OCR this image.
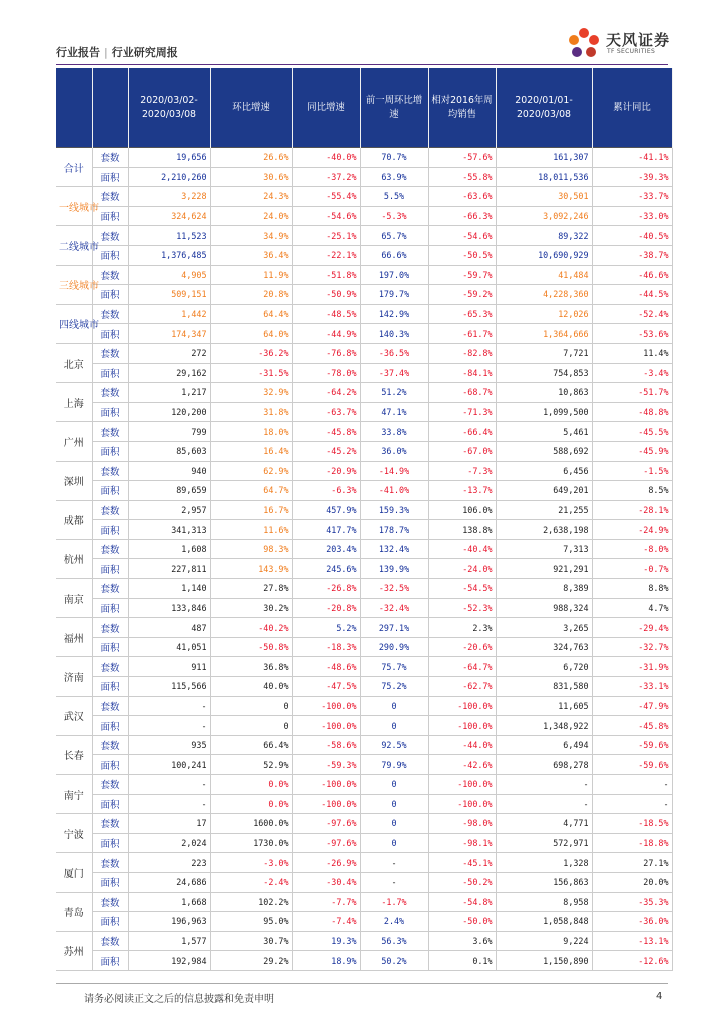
行业报告 | 行业研究周报
天风证券
TF SECURITIES
		2020/03/02-2020/03/08	环比增速	同比增速	前一周环比增速	相对2016年周均销售	2020/01/01-2020/03/08	累计同比
合计	套数	19,656	26.6%	-40.0%	70.7%	-57.6%	161,307	-41.1%
	面积	2,210,260	30.6%	-37.2%	63.9%	-55.8%	18,011,536	-39.3%
一线城市	套数	3,228	24.3%	-55.4%	5.5%	-63.6%	30,501	-33.7%
	面积	324,624	24.0%	-54.6%	-5.3%	-66.3%	3,092,246	-33.0%
二线城市	套数	11,523	34.9%	-25.1%	65.7%	-54.6%	89,322	-40.5%
	面积	1,376,485	36.4%	-22.1%	66.6%	-50.5%	10,690,929	-38.7%
三线城市	套数	4,905	11.9%	-51.8%	197.0%	-59.7%	41,484	-46.6%
	面积	509,151	20.8%	-50.9%	179.7%	-59.2%	4,228,360	-44.5%
四线城市	套数	1,442	64.4%	-48.5%	142.9%	-65.3%	12,026	-52.4%
	面积	174,347	64.0%	-44.9%	140.3%	-61.7%	1,364,666	-53.6%
北京	套数	272	-36.2%	-76.8%	-36.5%	-82.8%	7,721	11.4%
	面积	29,162	-31.5%	-78.0%	-37.4%	-84.1%	754,853	-3.4%
上海	套数	1,217	32.9%	-64.2%	51.2%	-68.7%	10,863	-51.7%
	面积	120,200	31.8%	-63.7%	47.1%	-71.3%	1,099,500	-48.8%
广州	套数	799	18.0%	-45.8%	33.8%	-66.4%	5,461	-45.5%
	面积	85,603	16.4%	-45.2%	36.0%	-67.0%	588,692	-45.9%
深圳	套数	940	62.9%	-20.9%	-14.9%	-7.3%	6,456	-1.5%
	面积	89,659	64.7%	-6.3%	-41.0%	-13.7%	649,201	8.5%
成都	套数	2,957	16.7%	457.9%	159.3%	106.0%	21,255	-28.1%
	面积	341,313	11.6%	417.7%	178.7%	138.8%	2,638,198	-24.9%
杭州	套数	1,608	98.3%	203.4%	132.4%	-40.4%	7,313	-8.0%
	面积	227,811	143.9%	245.6%	139.9%	-24.0%	921,291	-0.7%
南京	套数	1,140	27.8%	-26.8%	-32.5%	-54.5%	8,389	8.8%
	面积	133,846	30.2%	-20.8%	-32.4%	-52.3%	988,324	4.7%
福州	套数	487	-40.2%	5.2%	297.1%	2.3%	3,265	-29.4%
	面积	41,051	-50.8%	-18.3%	290.9%	-20.6%	324,763	-32.7%
济南	套数	911	36.8%	-48.6%	75.7%	-64.7%	6,720	-31.9%
	面积	115,566	40.0%	-47.5%	75.2%	-62.7%	831,580	-33.1%
武汉	套数	-	0	-100.0%	0	-100.0%	11,605	-47.9%
	面积	-	0	-100.0%	0	-100.0%	1,348,922	-45.8%
长春	套数	935	66.4%	-58.6%	92.5%	-44.0%	6,494	-59.6%
	面积	100,241	52.9%	-59.3%	79.9%	-42.6%	698,278	-59.6%
南宁	套数	-	0.0%	-100.0%	0	-100.0%	-	-
	面积	-	0.0%	-100.0%	0	-100.0%	-	-
宁波	套数	17	1600.0%	-97.6%	0	-98.0%	4,771	-18.5%
	面积	2,024	1730.0%	-97.6%	0	-98.1%	572,971	-18.8%
厦门	套数	223	-3.0%	-26.9%	-	-45.1%	1,328	27.1%
	面积	24,686	-2.4%	-30.4%	-	-50.2%	156,863	20.0%
青岛	套数	1,668	102.2%	-7.7%	-1.7%	-54.8%	8,958	-35.3%
	面积	196,963	95.0%	-7.4%	2.4%	-50.0%	1,058,848	-36.0%
苏州	套数	1,577	30.7%	19.3%	56.3%	3.6%	9,224	-13.1%
	面积	192,984	29.2%	18.9%	50.2%	0.1%	1,150,890	-12.6%
请务必阅读正文之后的信息披露和免责申明	4
